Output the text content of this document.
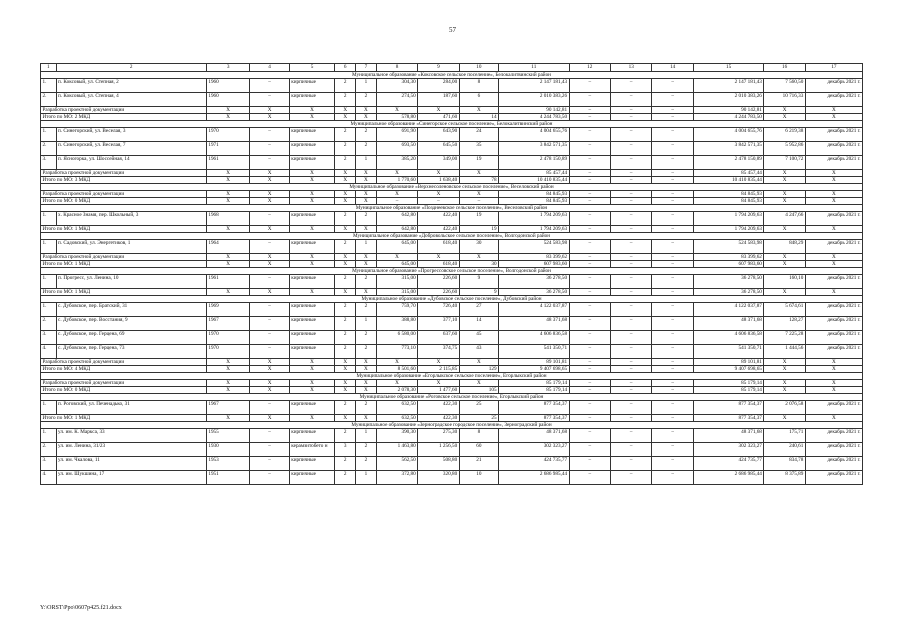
57
1	2	3	4	5	6	7	8	9	10	11	12	13	14	15	16	17
Муниципальное образование «Коксовское сельское поселение», Белокалитвинский район																
1.	п. Коксовый, ул. Степная, 2	1960	–	кирпичные	2	1	304,30	284,00	8	2 147 181,43	–	–	–	2 147 181,43	7 560,50	декабрь 2021 г.
2.	п. Коксовый, ул. Степная, 4	1960	–	кирпичные	2	2	274,50	187,60	6	2 010 383,26	–	–	–	2 010 383,26	10 716,33	декабрь 2021 г.
Разработка проектной документации		X	X	X	X	X	X	X	X	90 142,81	–	–	–	90 142,81	X	X
Итого по МО: 2 МКД		X	X	X	X	X	578,80	471,60	14	4 244 783,50	–	–	–	4 244 783,50	X	X
Муниципальное образование «Синегорское сельское поселение», Белокалитвинский район																
1.	п. Синегорский, ул. Веселая, 3	1970	–	кирпичные	2	2	691,90	643,90	24	4 004 655,76	–	–	–	4 004 655,76	6 219,38	декабрь 2021 г.
2.	п. Синегорский, ул. Веселая, 7	1971	–	кирпичные	2	2	693,50	645,50	35	3 842 571,35	–	–	–	3 842 571,35	5 952,86	декабрь 2021 г.
3.	п. Ясногорка, ул. Шоссейная, 14	1961	–	кирпичные	2	1	385,20	349,00	19	2 478 150,89	–	–	–	2 478 150,89	7 100,72	декабрь 2021 г.
Разработка проектной документации		X	X	X	X	X	X	X	X	85 457,44	–	–	–	85 457,44	X	X
Итого по МО: 3 МКД		X	X	X	X	X	1 770,60	1 638,40	78	10 410 835,44	–	–	–	10 410 835,44	X	X
Муниципальное образование «Верхнесоленовское сельское поселение», Веселовский район																
Разработка проектной документации		X	X	X	X	X	X	X	X	84 845,93	–	–	–	84 845,93	X	X
Итого по МО: 0 МКД		X	X	X	X	X	–	–	–	84 845,93	–	–	–	84 845,93	X	X
Муниципальное образование «Позднеевское сельское поселение», Веселовский район																
1.	х. Красное Знамя, пер. Школьный, 3	1968	–	кирпичные	2	2	642,80	422,40	19	1 794 209,63	–	–	–	1 794 209,63	4 247,66	декабрь 2021 г.
Итого по МО: 1 МКД		X	X	X	X	X	642,80	422,40	19	1 794 209,63	–	–	–	1 794 209,63	X	X
Муниципальное образование «Добровольское сельское поселение», Волгодонской район																
1.	п. Садовский, ул. Энергетиков, 1	1964	–	кирпичные	2	1	645,00	618,40	30	524 583,98	–	–	–	524 583,98	848,29	декабрь 2021 г.
Разработка проектной документации		X	X	X	X	X	X	X	X	83 399,62	–	–	–	83 399,62	X	X
Итого по МО: 1 МКД		X	X	X	X	X	645,00	618,40	30	607 983,60	–	–	–	607 983,60	X	X
Муниципальное образование «Прогрессовское сельское поселение», Волгодонской район																
1.	п. Прогресс, ул. Ленина, 10	1961	–	кирпичные	2	2	315,00	226,60	9	36 278,50	–	–	–	36 278,50	160,10	декабрь 2021 г.
Итого по МО: 1 МКД		X	X	X	X	X	315,00	226,60	9	36 278,50	–	–	–	36 278,50	X	X
Муниципальное образование «Дубовское сельское поселение», Дубовский район																
1.	с. Дубовское, пер. Братский, 31	1969	–	кирпичные	2	2	759,70	726,40	27	4 122 037,87	–	–	–	4 122 037,87	5 674,61	декабрь 2021 г.
2.	с. Дубовское, пер. Восстания, 9	1967	–	кирпичные	2	1	388,80	377,10	14	48 371,68	–	–	–	48 371,68	128,27	декабрь 2021 г.
3.	с. Дубовское, пер. Герцена, 69	1970	–	кирпичные	2	2	6 580,00	637,60	45	4 606 836,58	–	–	–	4 606 836,58	7 225,28	декабрь 2021 г.
4.	с. Дубовское, пер. Герцена, 73	1970	–	кирпичные	2	2	773,10	374,75	43	541 350,71	–	–	–	541 350,71	1 444,56	декабрь 2021 г.
Разработка проектной документации		X	X	X	X	X	X	X	X	89 101,81	–	–	–	89 101,81	X	X
Итого по МО: 4 МКД		X	X	X	X	X	8 501,60	2 115,85	129	9 407 698,65	–	–	–	9 407 698,65	X	X
Муниципальное образование «Егорлыкское сельское поселение», Егорлыкский район																
Разработка проектной документации		X	X	X	X	X	X	X	X	85 179,14	–	–	–	85 179,14	X	X
Итого по МО: 0 МКД		X	X	X	X	X	2 078,30	1 477,60	105	85 179,14	–	–	–	85 179,14	X	X
Муниципальное образование «Роговское сельское поселение», Егорлыкский район																
1.	п. Роговский, ул. Печенадько, 31	1967	–	кирпичные	2	2	632,50	422,30	25	877 354,37	–	–	–	877 354,37	2 076,58	декабрь 2021 г.
Итого по МО: 1 МКД		X	X	X	X	X	632,50	422,30	25	877 354,37	–	–	–	877 354,37	X	X
Муниципальное образование «Зерноградское городское поселение», Зерноградский район																
1.	ул. им. К. Маркса, 33	1955	–	кирпичные	2	1	390,30	275,30	8	48 371,68	–	–	–	48 371,68	175,71	декабрь 2021 г.
2.	ул. им. Ленина, 31/23	1930	–	керамзитобето н	3	2	1 463,80	1 256,50	60	302 323,27	–	–	–	302 323,27	240,61	декабрь 2021 г.
3.	ул. им. Чкалова, 11	1953	–	кирпичные	2	2	562,50	508,80	21	424 735,77	–	–	–	424 735,77	834,78	декабрь 2021 г.
4.	ул. им. Шукшина, 17	1951	–	кирпичные	2	1	372,80	320,80	10	2 686 985,44	–	–	–	2 686 985,44	8 375,89	декабрь 2021 г.
Y:\ORST\Ppo\0607p425.f21.docx
